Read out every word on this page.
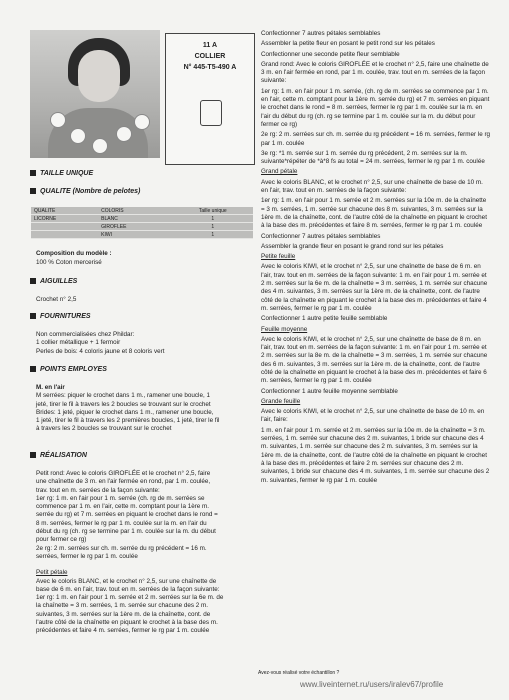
11 A
COLLIER
N° 445-T5-490 A
TAILLE UNIQUE
QUALITE (Nombre de pelotes)
QUALITE	COLORIS	Taille unique
LICORNE	BLANC	1
	GIROFLEE	1
	KIWI	1
Composition du modèle :
100 % Coton mercerisé
AIGUILLES
Crochet n° 2,5
FOURNITURES
Non commercialisées chez Phildar:
1 collier métallique + 1 fermoir
Perles de bois: 4 coloris jaune et 8 coloris vert
POINTS EMPLOYES
M. en l'air
M serrées: piquer le crochet dans 1 m., ramener une boucle, 1
jeté, tirer le fil à travers les 2 boucles se trouvant sur le crochet
Brides: 1 jeté, piquer le crochet dans 1 m., ramener une boucle,
1 jeté, tirer le fil à travers les 2 premières boucles, 1 jeté, tirer le fil
à travers les 2 boucles se trouvant sur le crochet
RÉALISATION
Petit rond: Avec le coloris GIROFLÉE et le crochet n° 2,5, faire
une chaînette de 3 m. en l'air fermée en rond, par 1 m. coulée,
trav. tout en m. serrées de la façon suivante:
1er rg: 1 m. en l'air pour 1 m. serrée (ch. rg de m. serrées se
commence par 1 m. en l'air, cette m. comptant pour la 1ère m.
serrée du rg) et 7 m. serrées en piquant le crochet dans le rond =
8 m. serrées, fermer le rg par 1 m. coulée sur la m. en l'air du
début du rg (ch. rg se termine par 1 m. coulée sur la m. du début
pour fermer ce rg)
2e rg: 2 m. serrées sur ch. m. serrée du rg précédent = 16 m.
serrées, fermer le rg par 1 m. coulée
Petit pétale
Avec le coloris BLANC, et le crochet n° 2,5, sur une chaînette de
base de 6 m. en l'air, trav. tout en m. serrées de la façon suivante:
1er rg: 1 m. en l'air pour 1 m. serrée et 2 m. serrées sur la 6e m. de
la chaînette = 3 m. serrées, 1 m. serrée sur chacune des 2 m.
suivantes, 3 m. serrées sur la 1ère m. de la chaînette, cont. de
l'autre côté de la chaînette en piquant le crochet à la base des m.
précédentes et faire 4 m. serrées, fermer le rg par 1 m. coulée

Confectionner 7 autres pétales semblables

Assembler la petite fleur en posant le petit rond sur les pétales

Confectionner une seconde petite fleur semblable

Grand rond: Avec le coloris GIROFLÉE et le crochet n° 2,5, faire une chaînette de 3 m. en l'air fermée en rond, par 1 m. coulée, trav. tout en m. serrées de la façon suivante:

1er rg: 1 m. en l'air pour 1 m. serrée, (ch. rg de m. serrées se commence par 1 m. en l'air, cette m. comptant pour la 1ère m. serrée du rg) et 7 m. serrées en piquant le crochet dans le rond = 8 m. serrées, fermer le rg par 1 m. coulée sur la m. en l'air du début du rg (ch. rg se termine par 1 m. coulée sur la m. du début pour fermer ce rg)

2e rg: 2 m. serrées sur ch. m. serrée du rg précédent = 16 m. serrées, fermer le rg par 1 m. coulée

3e rg: *1 m. serrée sur 1 m. serrée du rg précédent, 2 m. serrées sur la m. suivante*répéter de *à*8 fs au total = 24 m. serrées, fermer le rg par 1 m. coulée

Grand pétale

Avec le coloris BLANC, et le crochet n° 2,5, sur une chaînette de base de 10 m. en l'air, trav. tout en m. serrées de la façon suivante:

1er rg: 1 m. en l'air pour 1 m. serrée et 2 m. serrées sur la 10e m. de la chaînette = 3 m. serrées, 1 m. serrée sur chacune des 8 m. suivantes, 3 m. serrées sur la 1ère m. de la chaînette, cont. de l'autre côté de la chaînette en piquant le crochet à la base des m. précédentes et faire 8 m. serrées, fermer le rg par 1 m. coulée

Confectionner 7 autres pétales semblables

Assembler la grande fleur en posant le grand rond sur les pétales

Petite feuille

Avec le coloris KIWI, et le crochet n° 2,5, sur une chaînette de base de 6 m. en l'air, trav. tout en m. serrées de la façon suivante: 1 m. en l'air pour 1 m. serrée et 2 m. serrées sur la 6e m. de la chaînette = 3 m. serrées, 1 m. serrée sur chacune des 4 m. suivantes, 3 m. serrées sur la 1ère m. de la chaînette, cont. de l'autre côté de la chaînette en piquant le crochet à la base des m. précédentes et faire 4 m. serrées, fermer le rg par 1 m. coulée

Confectionner 1 autre petite feuille semblable

Feuille moyenne

Avec le coloris KIWI, et le crochet n° 2,5, sur une chaînette de base de 8 m. en l'air, trav. tout en m. serrées de la façon suivante: 1 m. en l'air pour 1 m. serrée et 2 m. serrées sur la 8e m. de la chaînette = 3 m. serrées, 1 m. serrée sur chacune des 6 m. suivantes, 3 m. serrées sur la 1ère m. de la chaînette, cont. de l'autre côté de la chaînette en piquant le crochet à la base des m. précédentes et faire 6 m. serrées, fermer le rg par 1 m. coulée

Confectionner 1 autre feuille moyenne semblable

Grande feuille

Avec le coloris KIWI, et le crochet n° 2,5, sur une chaînette de base de 10 m. en l'air, faire:

1 m. en l'air pour 1 m. serrée et 2 m. serrées sur la 10e m. de la chaînette = 3 m. serrées, 1 m. serrée sur chacune des 2 m. suivantes, 1 bride sur chacune des 4 m. suivantes, 1 m. serrée sur chacune des 2 m. suivantes, 3 m. serrées sur la 1ère m. de la chaînette, cont. de l'autre côté de la chaînette en piquant le crochet à la base des m. précédentes et faire 2 m. serrées sur chacune des 2 m. suivantes, 1 bride sur chacune des 4 m. suivantes, 1 m. serrée sur chacune des 2 m. suivantes, fermer le rg par 1 m. coulée

Avez-vous réalisé votre échantillon ?
www.liveinternet.ru/users/iralev67/profile
